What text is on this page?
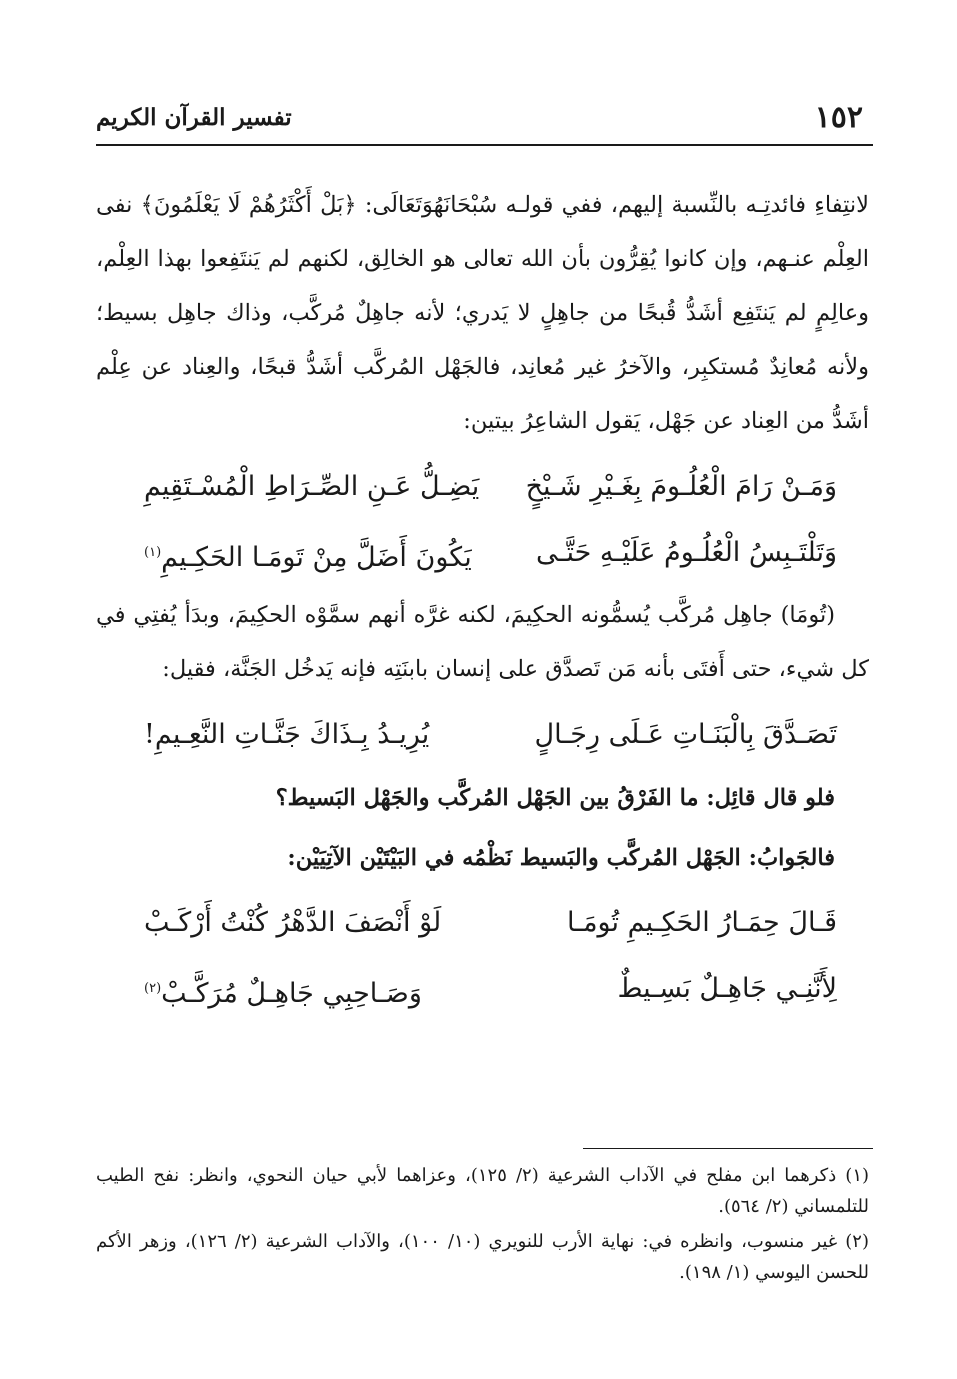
١٥٢
تفسير القرآن الكريم

لانتِفاءِ فائدتِـه بالنِّسبة إليهم، ففي قولـه سُبْحَانَهُوَتَعَالَى: ﴿بَلْ أَكْثَرُهُمْ لَا يَعْلَمُونَ﴾ نفى العِلْم عنـهم، وإن كانوا يُقِرُّون بأن الله تعالى هو الخالِق، لكنهم لم يَنتَفِعوا بهذا العِلْم، وعالِمٍ لم يَنتَفِع أشَدُّ قُبحًا من جاهِلٍ لا يَدري؛ لأنه جاهِلٌ مُركَّب، وذاك جاهِل بسيط؛ ولأنه مُعانِدٌ مُستكبِر، والآخرُ غير مُعانِد، فالجَهْل المُركَّب أشَدُّ قبحًا، والعِناد عن عِلْم أشَدُّ من العِناد عن جَهْل، يَقول الشاعِرُ بيتين:

وَمَـنْ رَامَ الْعُلُـومَ بِغَـيْرِ شَـيْخٍ
يَضِـلُّ عَـنِ الصِّـرَاطِ الْمُسْـتَقِيمِ
وَتَلْتَـبِسُ الْعُلُـومُ عَلَيْـهِ حَتَّـى
يَكُونَ أَضَلَّ مِنْ تَومَـا الحَكِـيمِ$^{(١)}$

(تُومَا) جاهِل مُركَّب يُسمُّونه الحكِيمَ، لكنه غرَّه أنهم سمَّوْه الحكِيمَ، وبدَأ يُفتِي في كل شيء، حتى أَفتَى بأنه مَن تَصدَّق على إنسان بابنَتِه فإنه يَدخُل الجَنَّة، فقيل:

تَصَـدَّقَ بِالْبَنَـاتِ عَـلَى رِجَـالٍ
يُرِيـدُ بِـذَاكَ جَنَّـاتِ النَّعِـيمِ!
فلو قال قائِل: ما الفَرْقُ بين الجَهْل المُركَّب والجَهْل البَسيط؟
فالجَوابُ: الجَهْل المُركَّب والبَسيط نَظْمُه في البَيْتَيْن الآتِيَيْن:
قَـالَ حِمَـارُ الحَكِـيمِ تُومَـا
لَوْ أَنْصَفَ الدَّهْرُ كُنْتُ أَرْكَـبْ
لِأَنَّنِـي جَاهِـلٌ بَسِـيطٌ
وَصَـاحِبِي جَاهِـلٌ مُرَكَّـبْ$^{(٢)}$

(١) ذكرهما ابن مفلح في الآداب الشرعية (٢/ ١٢٥)، وعزاهما لأبي حيان النحوي، وانظر: نفح الطيب للتلمساني (٢/ ٥٦٤).

(٢) غير منسوب، وانظره في: نهاية الأرب للنويري (١٠/ ١٠٠)، والآداب الشرعية (٢/ ١٢٦)، وزهر الأكم للحسن اليوسي (١/ ١٩٨).
